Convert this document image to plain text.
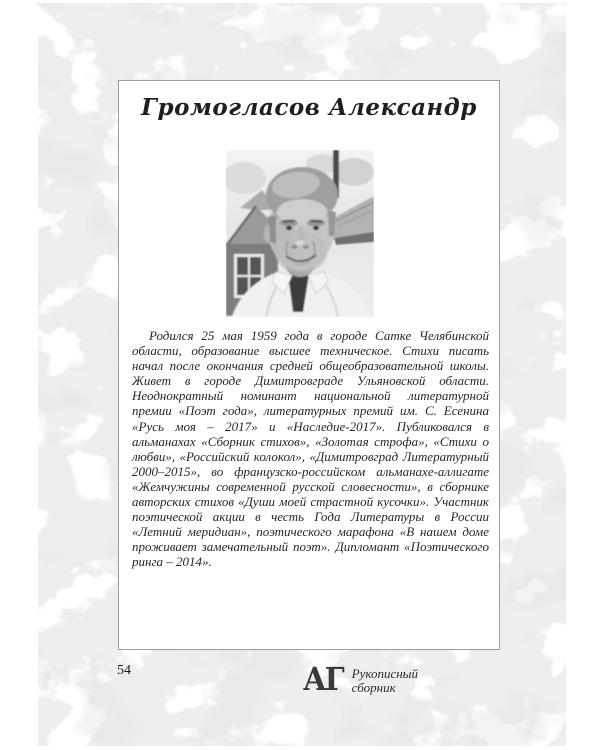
Громогласов Александр

Родился 25 мая 1959 года в городе Сатке Челябинской области, образование высшее техническое. Стихи писать начал после окончания средней общеобразовательной школы. Живет в городе Димитровграде Ульяновской области. Неоднократный номинант национальной литературной премии «Поэт года», литературных премий им. С. Есенина «Русь моя – 2017» и «Наследие-2017». Публиковался в альманахах «Сборник стихов», «Золотая строфа», «Стихи о любви», «Российский колокол», «Димитровград Литературный 2000–2015», во французско-российском альманахе-аллигате «Жемчужины современной русской словесности», в сборнике авторских стихов «Души моей страстной кусочки». Участник поэтической акции в честь Года Литературы в России «Летний меридиан», поэтического марафона «В нашем доме проживает замечательный поэт». Дипломант «Поэтического ринга – 2014».

54	АГ Рукописный
сборник
